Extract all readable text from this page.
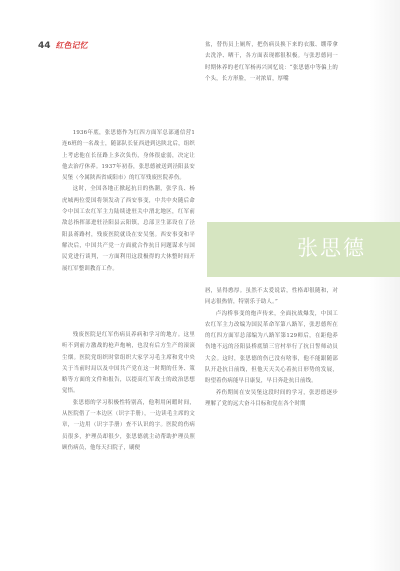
44 红色记忆

1936年底，张思德作为红四方面军总部通信营1连6班的一名战士，随部队长征西进到达陕北后，组织上考虑他在长征路上多次负伤，身体很虚弱，决定让他去治疗休养。1937年初春，张思德被送到泾阳县安吴堡（今属陕西省咸阳市）的红军残废医院养伤。

这时，全国各地正掀起抗日的热潮，张学良、杨虎城两位爱国将领发动了西安事变，中共中央随后命令中国工农红军主力陆续进驻关中渭北地区，红军前敌总指挥部进驻泾阳县云阳镇，总部卫生部设在了泾阳县蒋路村，残废医院就设在安吴堡。西安事变和平解决后，中国共产党一方面就合作抗日问题谋求与国民党进行谈判，一方面利用这段极得的大休整时间开展红军整训教育工作。

残废医院是红军伤病员养病和学习的地方。这里听不到前方激战的枪声炮响，也没有后方生产的滚滚尘烟。医院党组织时常组织大家学习毛主席和党中央关于当前时局以及中国共产党在这一时期的任务、策略等方面的文件和报告，以提高红军战士的政治思想觉悟。

张思德的学习积极性特别高，他利用闲暇时间，从医院借了一本边区（识字手册），一边读毛主席的文章，一边用（识字手册）查不认识的字。医院的伤病员很多，护理员却很少，张思德就主动帮助护理员照顾伤病员，他每天扫院子，刷便

盆，替伤员上厕所，把伤病员换下来的衣服、绷带拿去洗净、晒干，各方面表现都很积极。与张思德同一时期休养的老红军杨再兴回忆说：“张思德中等偏上的个头，长方形脸，一对浓眉，厚嘴

张思德

唇，显得憨厚。虽然不太爱说话，性格却很随和，对同志很热情，特别乐于助人。”

卢沟桥事变的炮声传来，全面抗战爆发，中国工农红军主力改编为国民革命军第八路军，张思德所在的红四方面军总部编为八路军第129师后，在距他养伤地不远的泾阳县桥底镇三官村举行了抗日誓师动员大会。这时，张思德的伤已没有啥事，他不能跟随部队开赴抗日前线，但他天天关心着抗日形势的发展，盼望着伤病能早日康复，早日奔赴抗日前线。

养伤期间在安吴堡这段时间的学习，张思德逐步理解了党的远大奋斗目标和党在各个时期
